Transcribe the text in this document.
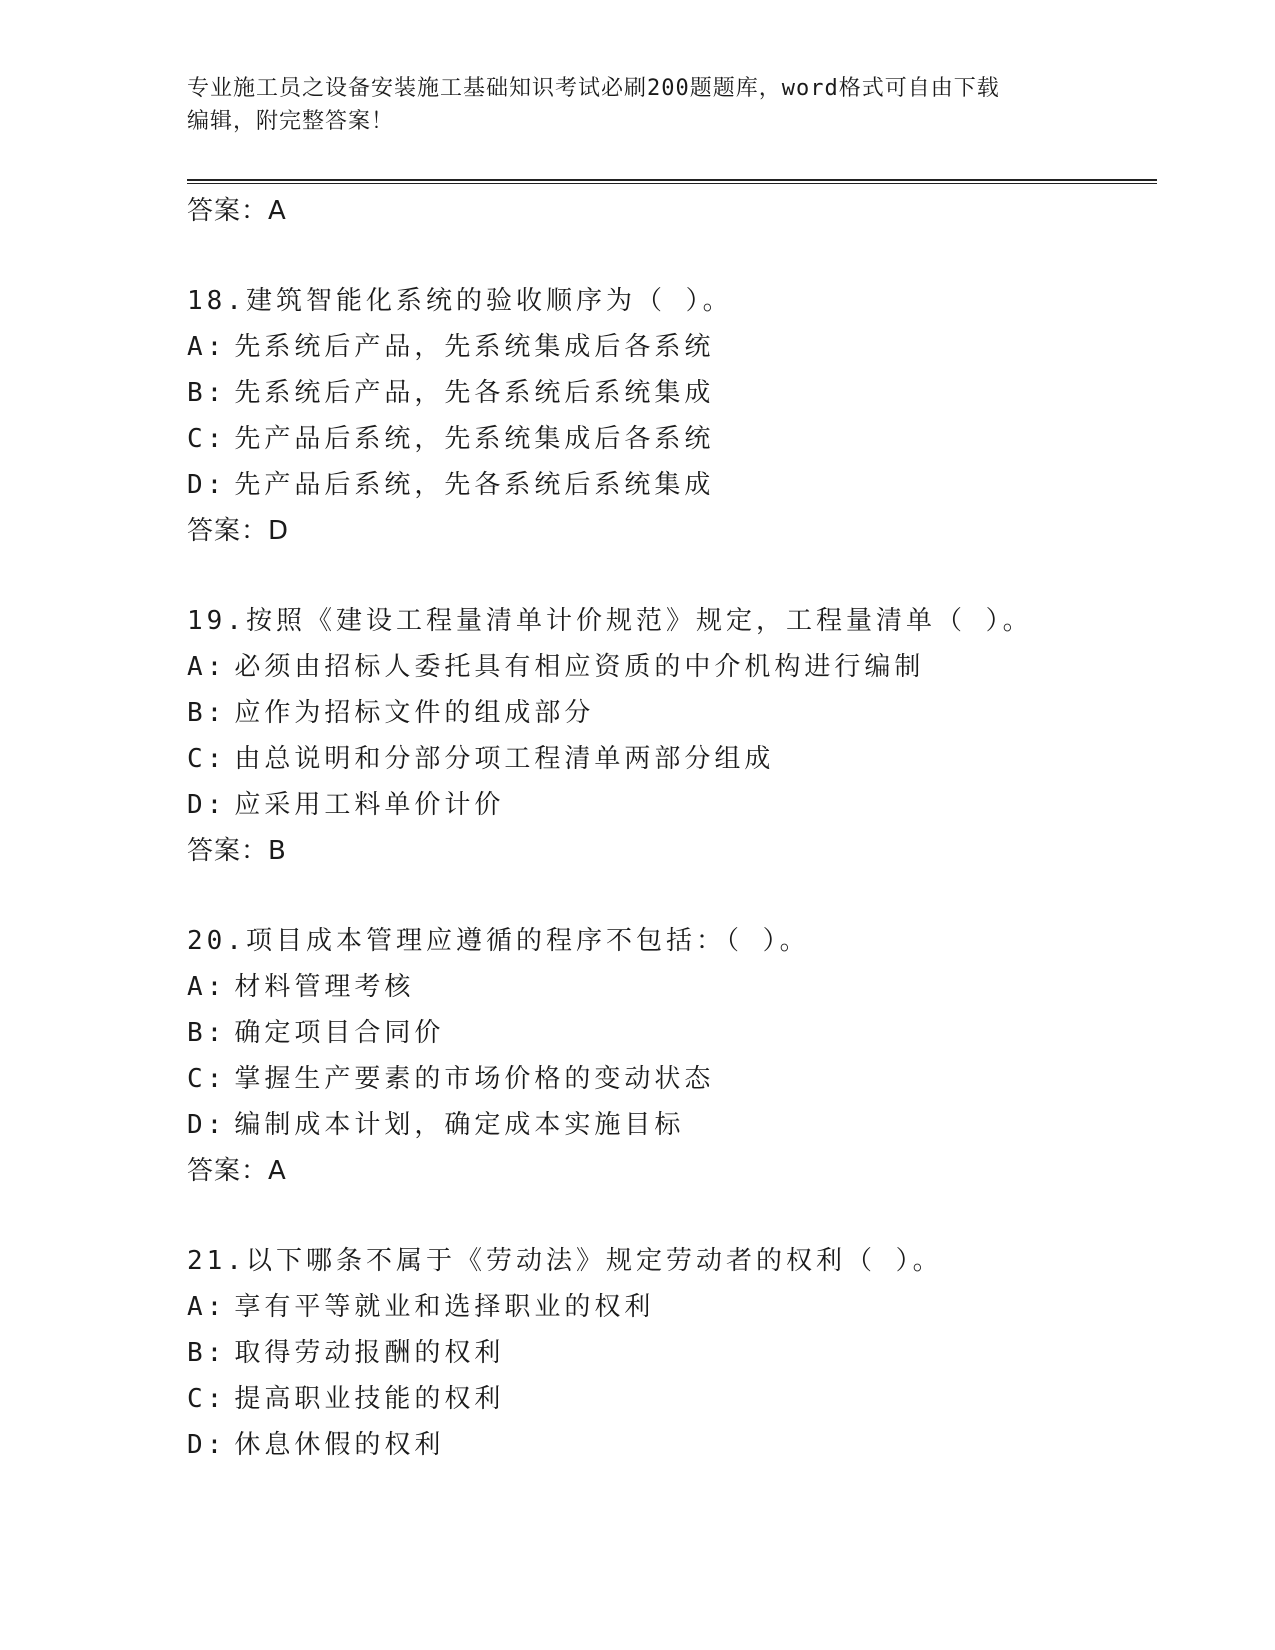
专业施工员之设备安装施工基础知识考试必刷200题题库，word格式可自由下载
编辑，附完整答案！
答案：A
18.建筑智能化系统的验收顺序为（ ）。
A: 先系统后产品，先系统集成后各系统
B: 先系统后产品，先各系统后系统集成
C: 先产品后系统，先系统集成后各系统
D: 先产品后系统，先各系统后系统集成
答案：D
19.按照《建设工程量清单计价规范》规定，工程量清单（ ）。
A: 必须由招标人委托具有相应资质的中介机构进行编制
B: 应作为招标文件的组成部分
C: 由总说明和分部分项工程清单两部分组成
D: 应采用工料单价计价
答案：B
20.项目成本管理应遵循的程序不包括：（ ）。
A: 材料管理考核
B: 确定项目合同价
C: 掌握生产要素的市场价格的变动状态
D: 编制成本计划，确定成本实施目标
答案：A
21.以下哪条不属于《劳动法》规定劳动者的权利（ ）。
A: 享有平等就业和选择职业的权利
B: 取得劳动报酬的权利
C: 提高职业技能的权利
D: 休息休假的权利
